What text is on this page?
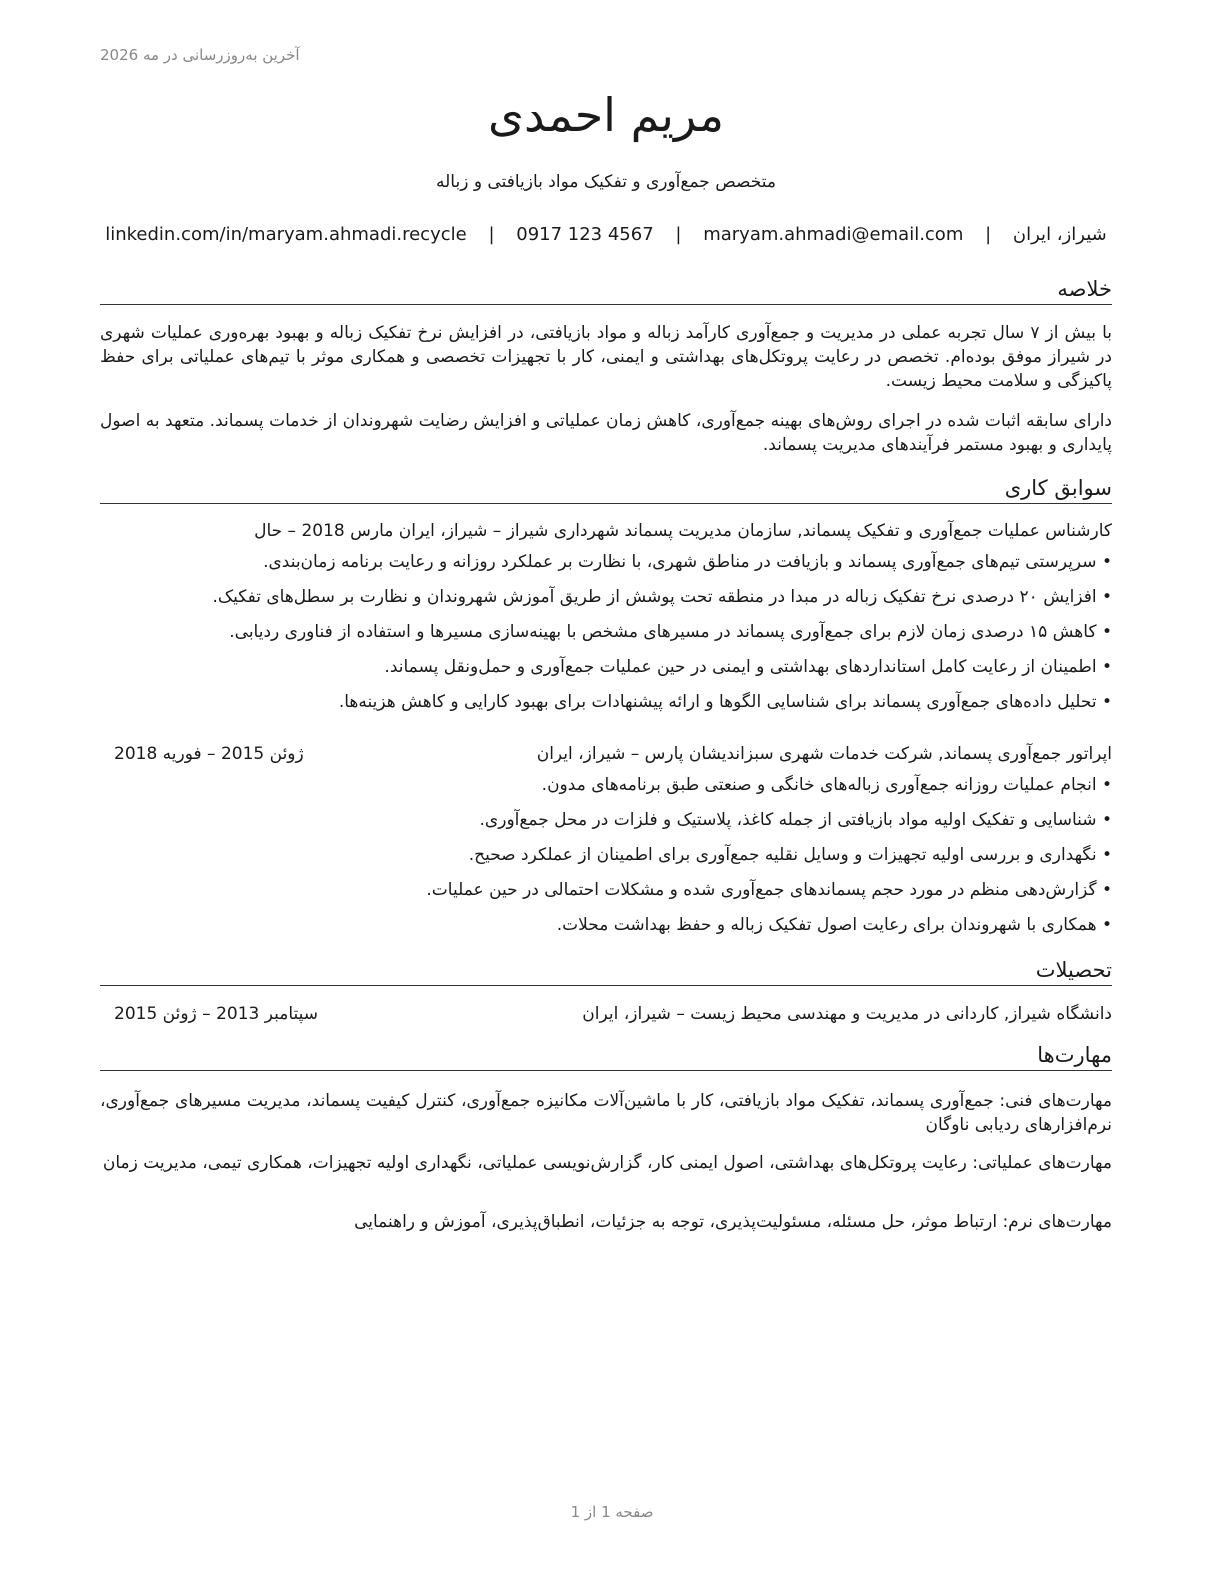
آخرین به‌روزرسانی در مه 2026
مریم احمدی
متخصص جمع‌آوری و تفکیک مواد بازیافتی و زباله
شیراز، ایران | maryam.ahmadi@email.com | 0917 123 4567 | linkedin.com/in/maryam.ahmadi.recycle
خلاصه
با بیش از ۷ سال تجربه عملی در مدیریت و جمع‌آوری کارآمد زباله و مواد بازیافتی، در افزایش نرخ تفکیک زباله و بهبود بهره‌وری عملیات شهری در شیراز موفق بوده‌ام. تخصص در رعایت پروتکل‌های بهداشتی و ایمنی، کار با تجهیزات تخصصی و همکاری موثر با تیم‌های عملیاتی برای حفظ پاکیزگی و سلامت محیط زیست.
دارای سابقه اثبات شده در اجرای روش‌های بهینه جمع‌آوری، کاهش زمان عملیاتی و افزایش رضایت شهروندان از خدمات پسماند. متعهد به اصول پایداری و بهبود مستمر فرآیندهای مدیریت پسماند.
سوابق کاری
کارشناس عملیات جمع‌آوری و تفکیک پسماند, سازمان مدیریت پسماند شهرداری شیراز – شیراز، ایران مارس 2018 – حال
• سرپرستی تیم‌های جمع‌آوری پسماند و بازیافت در مناطق شهری، با نظارت بر عملکرد روزانه و رعایت برنامه زمان‌بندی.
• افزایش ۲۰ درصدی نرخ تفکیک زباله در مبدا در منطقه تحت پوشش از طریق آموزش شهروندان و نظارت بر سطل‌های تفکیک.
• کاهش ۱۵ درصدی زمان لازم برای جمع‌آوری پسماند در مسیرهای مشخص با بهینه‌سازی مسیرها و استفاده از فناوری ردیابی.
• اطمینان از رعایت کامل استانداردهای بهداشتی و ایمنی در حین عملیات جمع‌آوری و حمل‌ونقل پسماند.
• تحلیل داده‌های جمع‌آوری پسماند برای شناسایی الگوها و ارائه پیشنهادات برای بهبود کارایی و کاهش هزینه‌ها.
اپراتور جمع‌آوری پسماند, شرکت خدمات شهری سبزاندیشان پارس – شیراز، ایران
ژوئن 2015 – فوریه 2018
• انجام عملیات روزانه جمع‌آوری زباله‌های خانگی و صنعتی طبق برنامه‌های مدون.
• شناسایی و تفکیک اولیه مواد بازیافتی از جمله کاغذ، پلاستیک و فلزات در محل جمع‌آوری.
• نگهداری و بررسی اولیه تجهیزات و وسایل نقلیه جمع‌آوری برای اطمینان از عملکرد صحیح.
• گزارش‌دهی منظم در مورد حجم پسماندهای جمع‌آوری شده و مشکلات احتمالی در حین عملیات.
• همکاری با شهروندان برای رعایت اصول تفکیک زباله و حفظ بهداشت محلات.
تحصیلات
دانشگاه شیراز, کاردانی در مدیریت و مهندسی محیط زیست – شیراز، ایران
سپتامبر 2013 – ژوئن 2015
مهارت‌ها
مهارت‌های فنی: جمع‌آوری پسماند، تفکیک مواد بازیافتی، کار با ماشین‌آلات مکانیزه جمع‌آوری، کنترل کیفیت پسماند، مدیریت مسیرهای جمع‌آوری، نرم‌افزارهای ردیابی ناوگان
مهارت‌های عملیاتی: رعایت پروتکل‌های بهداشتی، اصول ایمنی کار، گزارش‌نویسی عملیاتی، نگهداری اولیه تجهیزات، همکاری تیمی، مدیریت زمان
مهارت‌های نرم: ارتباط موثر، حل مسئله، مسئولیت‌پذیری، توجه به جزئیات، انطباق‌پذیری، آموزش و راهنمایی
صفحه 1 از 1
